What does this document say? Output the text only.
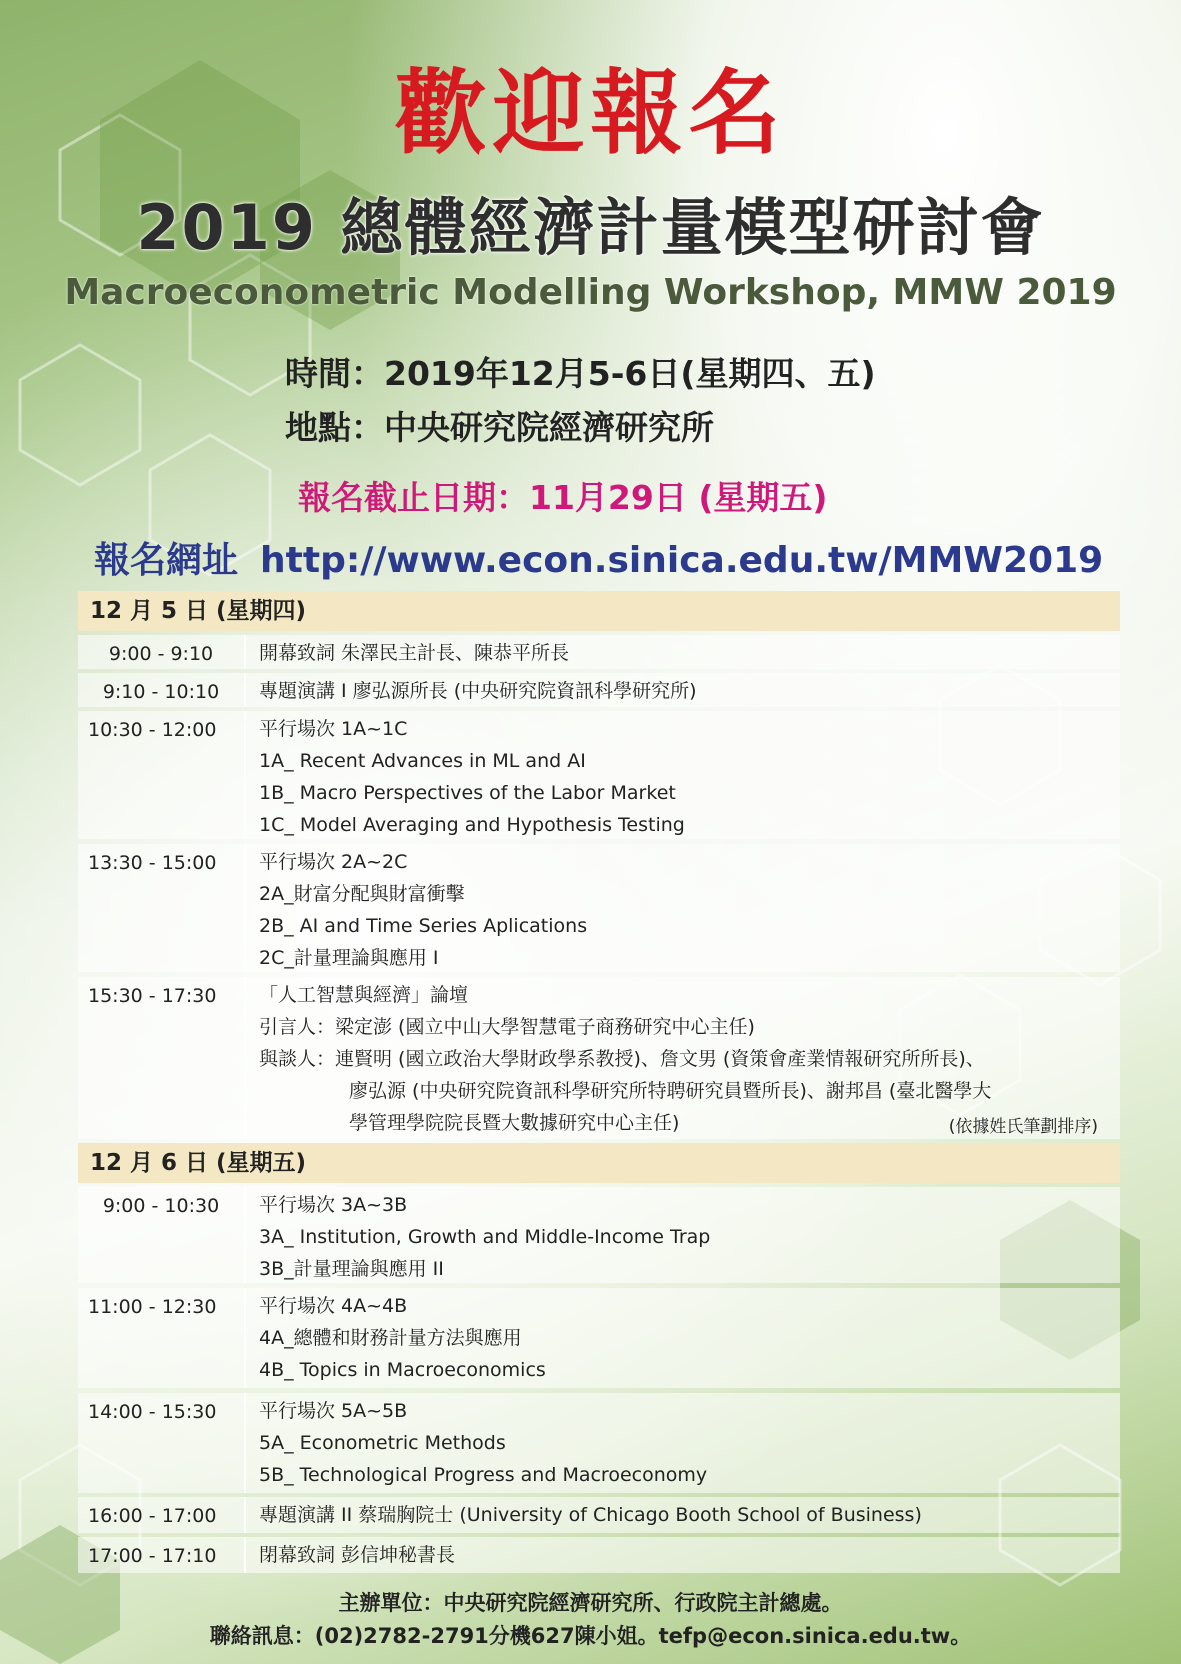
歡迎報名
2019 總體經濟計量模型研討會
Macroeconometric Modelling Workshop, MMW 2019
時間：2019年12月5-6日(星期四、五)
地點：中央研究院經濟研究所
報名截止日期：11月29日 (星期五)
報名網址 http://www.econ.sinica.edu.tw/MMW2019
12 月 5 日 (星期四)
9:00 - 9:10	開幕致詞 朱澤民主計長、陳恭平所長
9:10 - 10:10	專題演講 I 廖弘源所長 (中央研究院資訊科學研究所)
10:30 - 12:00	平行場次 1A~1C
1A_ Recent Advances in ML and AI
1B_ Macro Perspectives of the Labor Market
1C_ Model Averaging and Hypothesis Testing
13:30 - 15:00	平行場次 2A~2C
2A_財富分配與財富衝擊
2B_ AI and Time Series Aplications
2C_計量理論與應用 I
15:30 - 17:30	「人工智慧與經濟」論壇
引言人：梁定澎 (國立中山大學智慧電子商務研究中心主任)
與談人：連賢明 (國立政治大學財政學系教授)、詹文男 (資策會產業情報研究所所長)、
廖弘源 (中央研究院資訊科學研究所特聘研究員暨所長)、謝邦昌 (臺北醫學大
學管理學院院長暨大數據研究中心主任)	(依據姓氏筆劃排序)
12 月 6 日 (星期五)
9:00 - 10:30	平行場次 3A~3B
3A_ Institution, Growth and Middle-Income Trap
3B_計量理論與應用 II
11:00 - 12:30	平行場次 4A~4B
4A_總體和財務計量方法與應用
4B_ Topics in Macroeconomics
14:00 - 15:30	平行場次 5A~5B
5A_ Econometric Methods
5B_ Technological Progress and Macroeconomy
16:00 - 17:00	專題演講 II 蔡瑞胸院士 (University of Chicago Booth School of Business)
17:00 - 17:10	閉幕致詞 彭信坤秘書長
主辦單位：中央研究院經濟研究所、行政院主計總處。
聯絡訊息：(02)2782-2791分機627陳小姐。tefp@econ.sinica.edu.tw。
